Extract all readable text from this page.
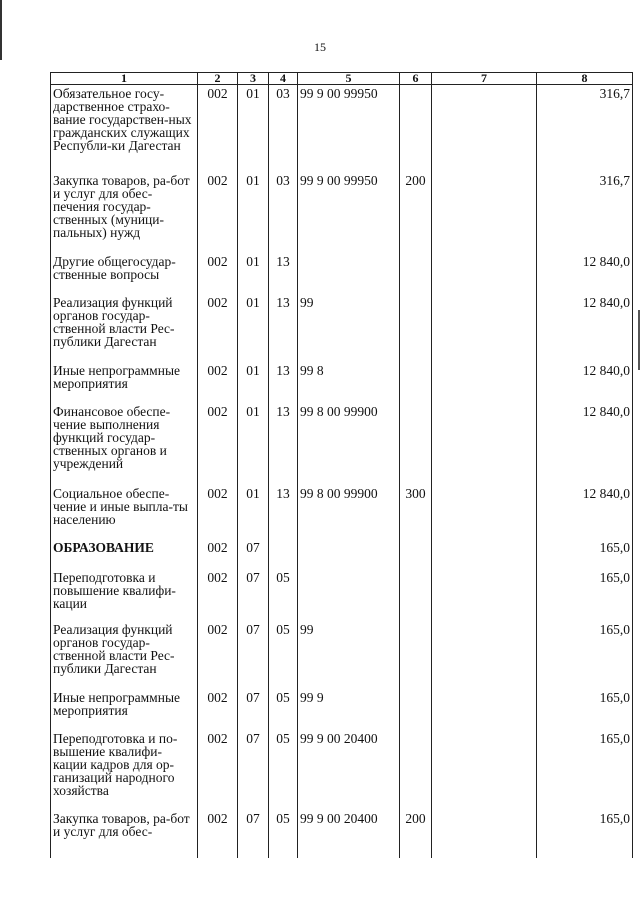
15
1	2	3	4	5	6	7	8
Обязательное госу-дарственное страхо-вание государствен-ных гражданских служащих Республи-ки Дагестан	002	01	03	99 9 00 99950			316,7
Закупка товаров, ра-бот и услуг для обес-печения государ-ственных (муници-пальных) нужд	002	01	03	99 9 00 99950	200		316,7
Другие общегосудар-ственные вопросы	002	01	13				12 840,0
Реализация функций органов государ-ственной власти Рес-публики Дагестан	002	01	13	99			12 840,0
Иные непрограммные мероприятия	002	01	13	99 8			12 840,0
Финансовое обеспе-чение выполнения функций государ-ственных органов и учреждений	002	01	13	99 8 00 99900			12 840,0
Социальное обеспе-чение и иные выпла-ты населению	002	01	13	99 8 00 99900	300		12 840,0
ОБРАЗОВАНИЕ	002	07					165,0
Переподготовка и повышение квалифи-кации	002	07	05				165,0
Реализация функций органов государ-ственной власти Рес-публики Дагестан	002	07	05	99			165,0
Иные непрограммные мероприятия	002	07	05	99 9			165,0
Переподготовка и по-вышение квалифи-кации кадров для ор-ганизаций народного хозяйства	002	07	05	99 9 00 20400			165,0
Закупка товаров, ра-бот и услуг для обес-	002	07	05	99 9 00 20400	200		165,0
